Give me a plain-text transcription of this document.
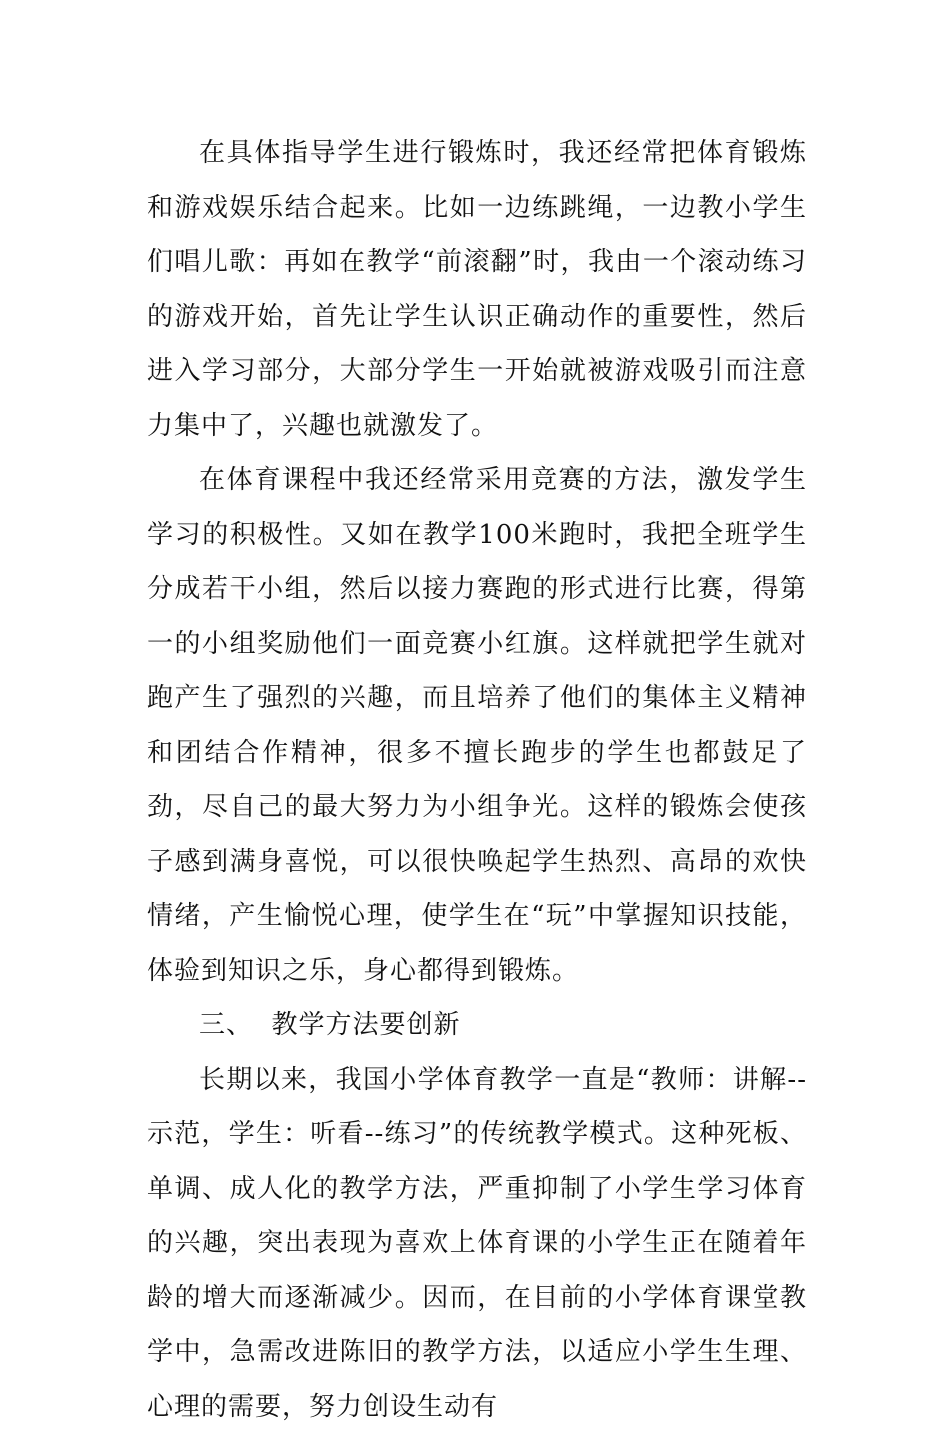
在具体指导学生进行锻炼时，我还经常把体育锻炼和游戏娱乐结合起来。比如一边练跳绳，一边教小学生们唱儿歌：再如在教学“前滚翻”时，我由一个滚动练习的游戏开始，首先让学生认识正确动作的重要性，然后进入学习部分，大部分学生一开始就被游戏吸引而注意力集中了，兴趣也就激发了。

在体育课程中我还经常采用竞赛的方法，激发学生学习的积极性。又如在教学100米跑时，我把全班学生分成若干小组，然后以接力赛跑的形式进行比赛，得第一的小组奖励他们一面竞赛小红旗。这样就把学生就对跑产生了强烈的兴趣，而且培养了他们的集体主义精神和团结合作精神，很多不擅长跑步的学生也都鼓足了劲，尽自己的最大努力为小组争光。这样的锻炼会使孩子感到满身喜悦，可以很快唤起学生热烈、高昂的欢快情绪，产生愉悦心理，使学生在“玩”中掌握知识技能，体验到知识之乐，身心都得到锻炼。

三、  教学方法要创新

长期以来，我国小学体育教学一直是“教师：讲解--示范，学生：听看--练习”的传统教学模式。这种死板、单调、成人化的教学方法，严重抑制了小学生学习体育的兴趣，突出表现为喜欢上体育课的小学生正在随着年龄的增大而逐渐减少。因而，在目前的小学体育课堂教学中，急需改进陈旧的教学方法，以适应小学生生理、心理的需要，努力创设生动有
